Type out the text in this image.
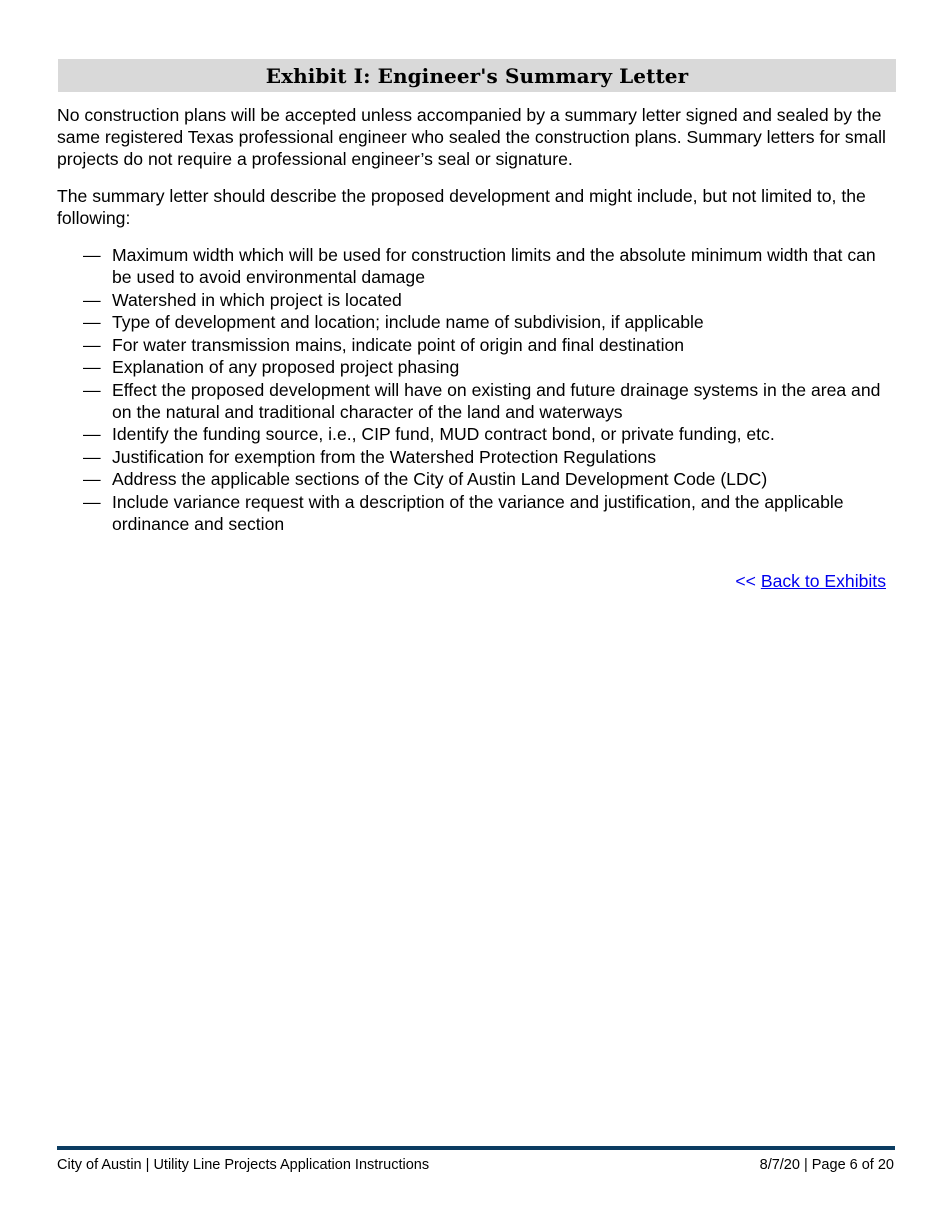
Exhibit I: Engineer's Summary Letter

No construction plans will be accepted unless accompanied by a summary letter signed and sealed by the same registered Texas professional engineer who sealed the construction plans. Summary letters for small projects do not require a professional engineer’s seal or signature.

The summary letter should describe the proposed development and might include, but not limited to, the following:

— Maximum width which will be used for construction limits and the absolute minimum width that can be used to avoid environmental damage
— Watershed in which project is located
— Type of development and location; include name of subdivision, if applicable
— For water transmission mains, indicate point of origin and final destination
— Explanation of any proposed project phasing
— Effect the proposed development will have on existing and future drainage systems in the area and on the natural and traditional character of the land and waterways
— Identify the funding source, i.e., CIP fund, MUD contract bond, or private funding, etc.
— Justification for exemption from the Watershed Protection Regulations
— Address the applicable sections of the City of Austin Land Development Code (LDC)
— Include variance request with a description of the variance and justification, and the applicable ordinance and section
<< Back to Exhibits
City of Austin | Utility Line Projects Application Instructions	8/7/20 | Page 6 of 20
